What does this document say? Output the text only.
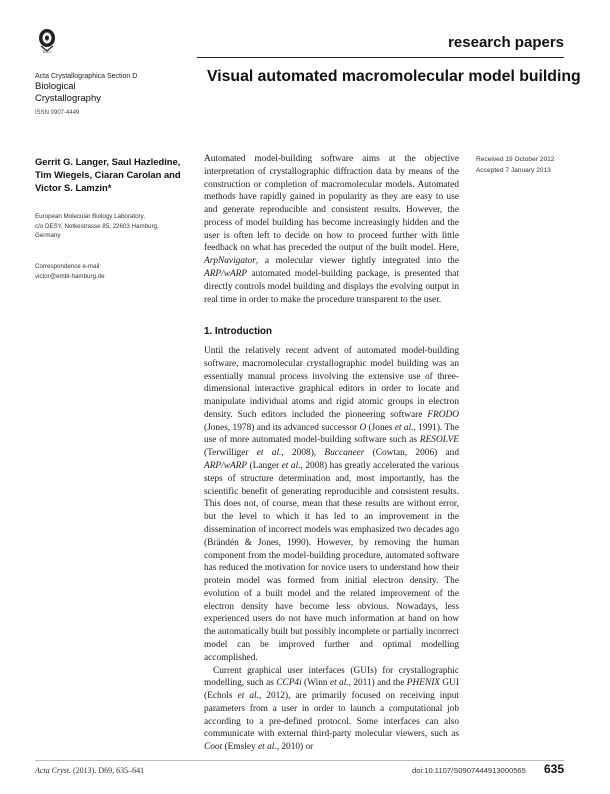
IUCr
research papers
Acta Crystallographica Section D
Biological
Crystallography
ISSN 0907-4449
Gerrit G. Langer, Saul Hazledine, Tim Wiegels, Ciaran Carolan and Victor S. Lamzin*
European Molecular Biology Laboratory,
c/o DESY, Notkestrasse 85, 22603 Hamburg,
Germany
Correspondence e-mail:
victor@embl-hamburg.de
Visual automated macromolecular model building
Received 19 October 2012
Accepted 7 January 2013
Automated model-building software aims at the objective interpretation of crystallographic diffraction data by means of the construction or completion of macromolecular models. Automated methods have rapidly gained in popularity as they are easy to use and generate reproducible and consistent results. However, the process of model building has become increasingly hidden and the user is often left to decide on how to proceed further with little feedback on what has preceded the output of the built model. Here, ArpNavigator, a molecular viewer tightly integrated into the ARP/wARP automated model-building package, is presented that directly controls model building and displays the evolving output in real time in order to make the procedure transparent to the user.
1. Introduction

Until the relatively recent advent of automated model-building software, macromolecular crystallographic model building was an essentially manual process involving the extensive use of three-dimensional interactive graphical editors in order to locate and manipulate individual atoms and rigid atomic groups in electron density. Such editors included the pioneering software FRODO (Jones, 1978) and its advanced successor O (Jones et al., 1991). The use of more automated model-building software such as RESOLVE (Terwilliger et al., 2008), Buccaneer (Cowtan, 2006) and ARP/wARP (Langer et al., 2008) has greatly accelerated the various steps of structure determination and, most importantly, has the scientific benefit of generating reproducible and consistent results. This does not, of course, mean that these results are without error, but the level to which it has led to an improvement in the dissemination of incorrect models was emphasized two decades ago (Brändén & Jones, 1990). However, by removing the human component from the model-building procedure, automated software has reduced the motivation for novice users to understand how their protein model was formed from initial electron density. The evolution of a built model and the related improvement of the electron density have become less obvious. Nowadays, less experienced users do not have much information at hand on how the automatically built but possibly incomplete or partially incorrect model can be improved further and optimal modelling accomplished.

Current graphical user interfaces (GUIs) for crystallographic modelling, such as CCP4i (Winn et al., 2011) and the PHENIX GUI (Echols et al., 2012), are primarily focused on receiving input parameters from a user in order to launch a computational job according to a pre-defined protocol. Some interfaces can also communicate with external third-party molecular viewers, such as Coot (Emsley et al., 2010) or

Acta Cryst. (2013). D69, 635–641	doi:10.1107/S0907444913000565 635
